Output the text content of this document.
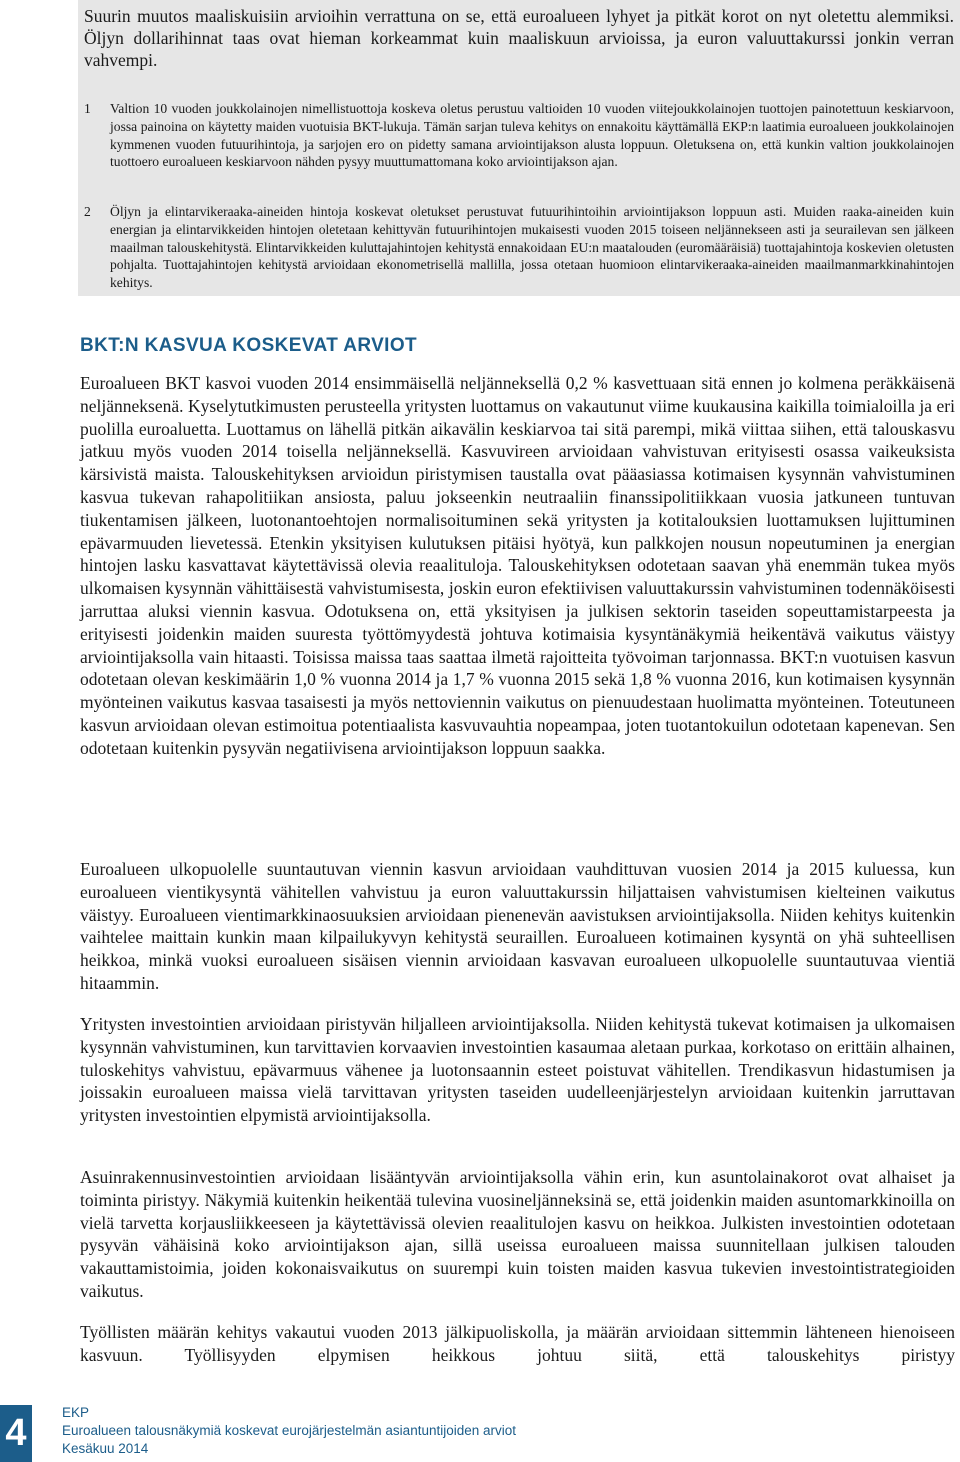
Suurin muutos maaliskuisiin arvioihin verrattuna on se, että euroalueen lyhyet ja pitkät korot on nyt oletettu alemmiksi. Öljyn dollarihinnat taas ovat hieman korkeammat kuin maaliskuun arvioissa, ja euron valuuttakurssi jonkin verran vahvempi.

1	Valtion 10 vuoden joukkolainojen nimellistuottoja koskeva oletus perustuu valtioiden 10 vuoden viitejoukkolainojen tuottojen painotettuun keskiarvoon, jossa painoina on käytetty maiden vuotuisia BKT-lukuja. Tämän sarjan tuleva kehitys on ennakoitu käyttämällä EKP:n laatimia euroalueen joukkolainojen kymmenen vuoden futuurihintoja, ja sarjojen ero on pidetty samana arviointijakson alusta loppuun. Oletuksena on, että kunkin valtion joukkolainojen tuottoero euroalueen keskiarvoon nähden pysyy muuttumattomana koko arviointijakson ajan.

2	Öljyn ja elintarvikeraaka-aineiden hintoja koskevat oletukset perustuvat futuurihintoihin arviointijakson loppuun asti. Muiden raaka-aineiden kuin energian ja elintarvikkeiden hintojen oletetaan kehittyvän futuurihintojen mukaisesti vuoden 2015 toiseen neljännekseen asti ja seurailevan sen jälkeen maailman talouskehitystä. Elintarvikkeiden kuluttajahintojen kehitystä ennakoidaan EU:n maatalouden (euromääräisiä) tuottajahintoja koskevien oletusten pohjalta. Tuottajahintojen kehitystä arvioidaan ekonometrisellä mallilla, jossa otetaan huomioon elintarvikeraaka-aineiden maailmanmarkkinahintojen kehitys.

BKT:N KASVUA KOSKEVAT ARVIOT

Euroalueen BKT kasvoi vuoden 2014 ensimmäisellä neljänneksellä 0,2 % kasvettuaan sitä ennen jo kolmena peräkkäisenä neljänneksenä. Kyselytutkimusten perusteella yritysten luottamus on vakautunut viime kuukausina kaikilla toimialoilla ja eri puolilla euroaluetta. Luottamus on lähellä pitkän aikavälin keskiarvoa tai sitä parempi, mikä viittaa siihen, että talouskasvu jatkuu myös vuoden 2014 toisella neljänneksellä. Kasvuvireen arvioidaan vahvistuvan erityisesti osassa vaikeuksista kärsivistä maista. Talouskehityksen arvioidun piristymisen taustalla ovat pääasiassa kotimaisen kysynnän vahvistuminen kasvua tukevan rahapolitiikan ansiosta, paluu jokseenkin neutraaliin finanssipolitiikkaan vuosia jatkuneen tuntuvan tiukentamisen jälkeen, luotonantoehtojen normalisoituminen sekä yritysten ja kotitalouksien luottamuksen lujittuminen epävarmuuden lievetessä. Etenkin yksityisen kulutuksen pitäisi hyötyä, kun palkkojen nousun nopeutuminen ja energian hintojen lasku kasvattavat käytettävissä olevia reaalituloja. Talouskehityksen odotetaan saavan yhä enemmän tukea myös ulkomaisen kysynnän vähittäisestä vahvistumisesta, joskin euron efektiivisen valuuttakurssin vahvistuminen todennäköisesti jarruttaa aluksi viennin kasvua. Odotuksena on, että yksityisen ja julkisen sektorin taseiden sopeuttamistarpeesta ja erityisesti joidenkin maiden suuresta työttömyydestä johtuva kotimaisia kysyntänäkymiä heikentävä vaikutus väistyy arviointijaksolla vain hitaasti. Toisissa maissa taas saattaa ilmetä rajoitteita työvoiman tarjonnassa. BKT:n vuotuisen kasvun odotetaan olevan keskimäärin 1,0 % vuonna 2014 ja 1,7 % vuonna 2015 sekä 1,8 % vuonna 2016, kun kotimaisen kysynnän myönteinen vaikutus kasvaa tasaisesti ja myös nettoviennin vaikutus on pienuudestaan huolimatta myönteinen. Toteutuneen kasvun arvioidaan olevan estimoitua potentiaalista kasvuvauhtia nopeampaa, joten tuotantokuilun odotetaan kapenevan. Sen odotetaan kuitenkin pysyvän negatiivisena arviointijakson loppuun saakka.

Euroalueen ulkopuolelle suuntautuvan viennin kasvun arvioidaan vauhdittuvan vuosien 2014 ja 2015 kuluessa, kun euroalueen vientikysyntä vähitellen vahvistuu ja euron valuuttakurssin hiljattaisen vahvistumisen kielteinen vaikutus väistyy. Euroalueen vientimarkkinaosuuksien arvioidaan pienenevän aavistuksen arviointijaksolla. Niiden kehitys kuitenkin vaihtelee maittain kunkin maan kilpailukyvyn kehitystä seuraillen. Euroalueen kotimainen kysyntä on yhä suhteellisen heikkoa, minkä vuoksi euroalueen sisäisen viennin arvioidaan kasvavan euroalueen ulkopuolelle suuntautuvaa vientiä hitaammin.

Yritysten investointien arvioidaan piristyvän hiljalleen arviointijaksolla. Niiden kehitystä tukevat kotimaisen ja ulkomaisen kysynnän vahvistuminen, kun tarvittavien korvaavien investointien kasaumaa aletaan purkaa, korkotaso on erittäin alhainen, tuloskehitys vahvistuu, epävarmuus vähenee ja luotonsaannin esteet poistuvat vähitellen. Trendikasvun hidastumisen ja joissakin euroalueen maissa vielä tarvittavan yritysten taseiden uudelleenjärjestelyn arvioidaan kuitenkin jarruttavan yritysten investointien elpymistä arviointijaksolla.

Asuinrakennusinvestointien arvioidaan lisääntyvän arviointijaksolla vähin erin, kun asuntolainakorot ovat alhaiset ja toiminta piristyy. Näkymiä kuitenkin heikentää tulevina vuosineljänneksinä se, että joidenkin maiden asuntomarkkinoilla on vielä tarvetta korjausliikkeeseen ja käytettävissä olevien reaalitulojen kasvu on heikkoa. Julkisten investointien odotetaan pysyvän vähäisinä koko arviointijakson ajan, sillä useissa euroalueen maissa suunnitellaan julkisen talouden vakauttamistoimia, joiden kokonaisvaikutus on suurempi kuin toisten maiden kasvua tukevien investointistrategioiden vaikutus.

Työllisten määrän kehitys vakautui vuoden 2013 jälkipuoliskolla, ja määrän arvioidaan sittemmin lähteneen hienoiseen kasvuun. Työllisyyden elpymisen heikkous johtuu siitä, että talouskehitys piristyy

4	EKP
Euroalueen talousnäkymiä koskevat eurojärjestelmän asiantuntijoiden arviot
Kesäkuu 2014
